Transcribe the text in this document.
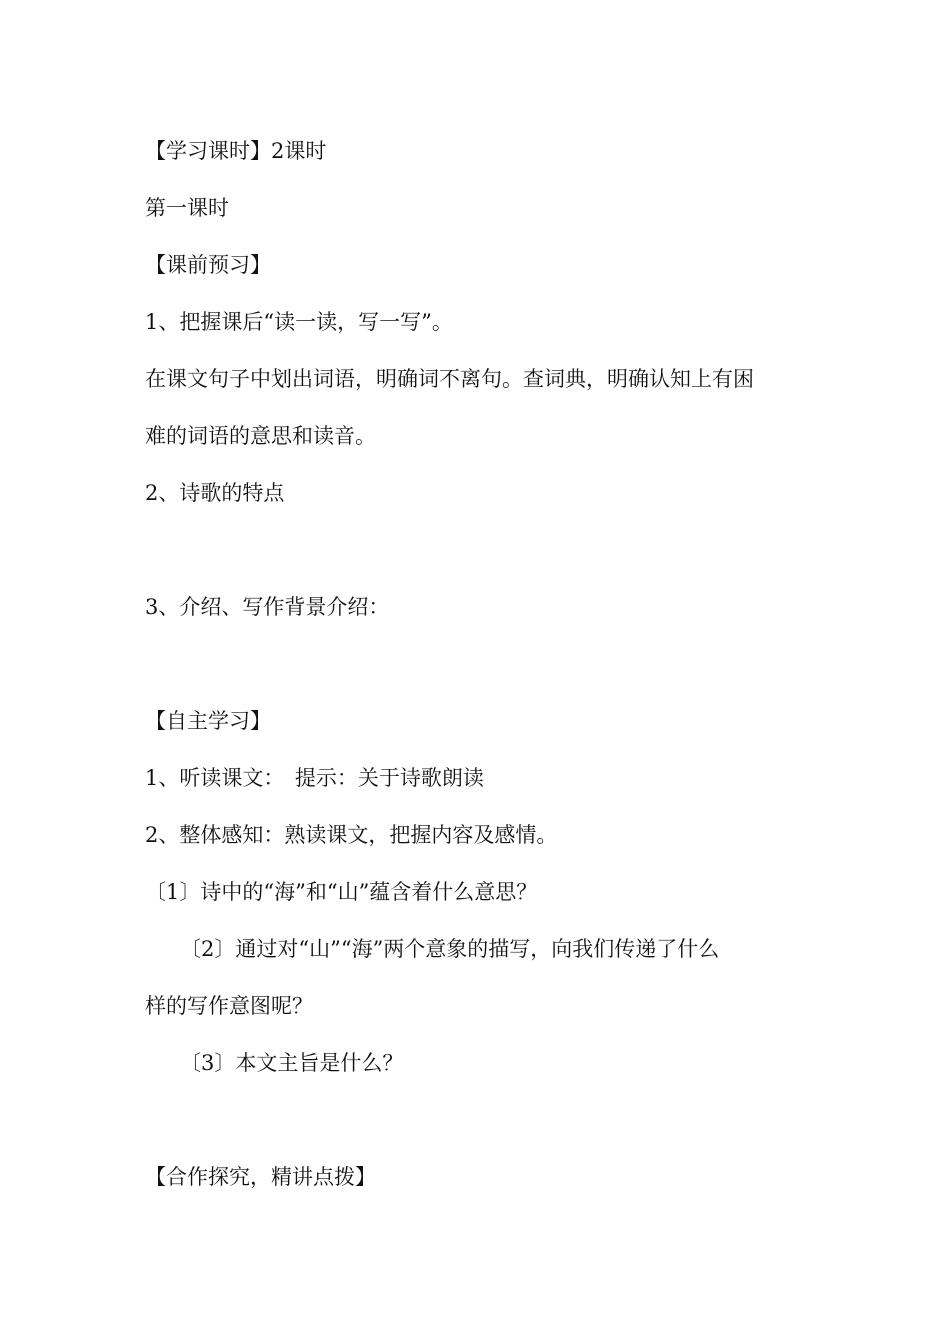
【学习课时】2课时
第一课时
【课前预习】
1、把握课后“读一读，写一写”。
在课文句子中划出词语，明确词不离句。查词典，明确认知上有困
难的词语的意思和读音。
2、诗歌的特点
3、介绍、写作背景介绍：
【自主学习】
1、听读课文：　提示：关于诗歌朗读
2、整体感知：熟读课文，把握内容及感情。
〔1〕诗中的“海”和“山”蕴含着什么意思？
〔2〕通过对“山”“海”两个意象的描写，向我们传递了什么
样的写作意图呢？
〔3〕本文主旨是什么？
【合作探究，精讲点拨】
